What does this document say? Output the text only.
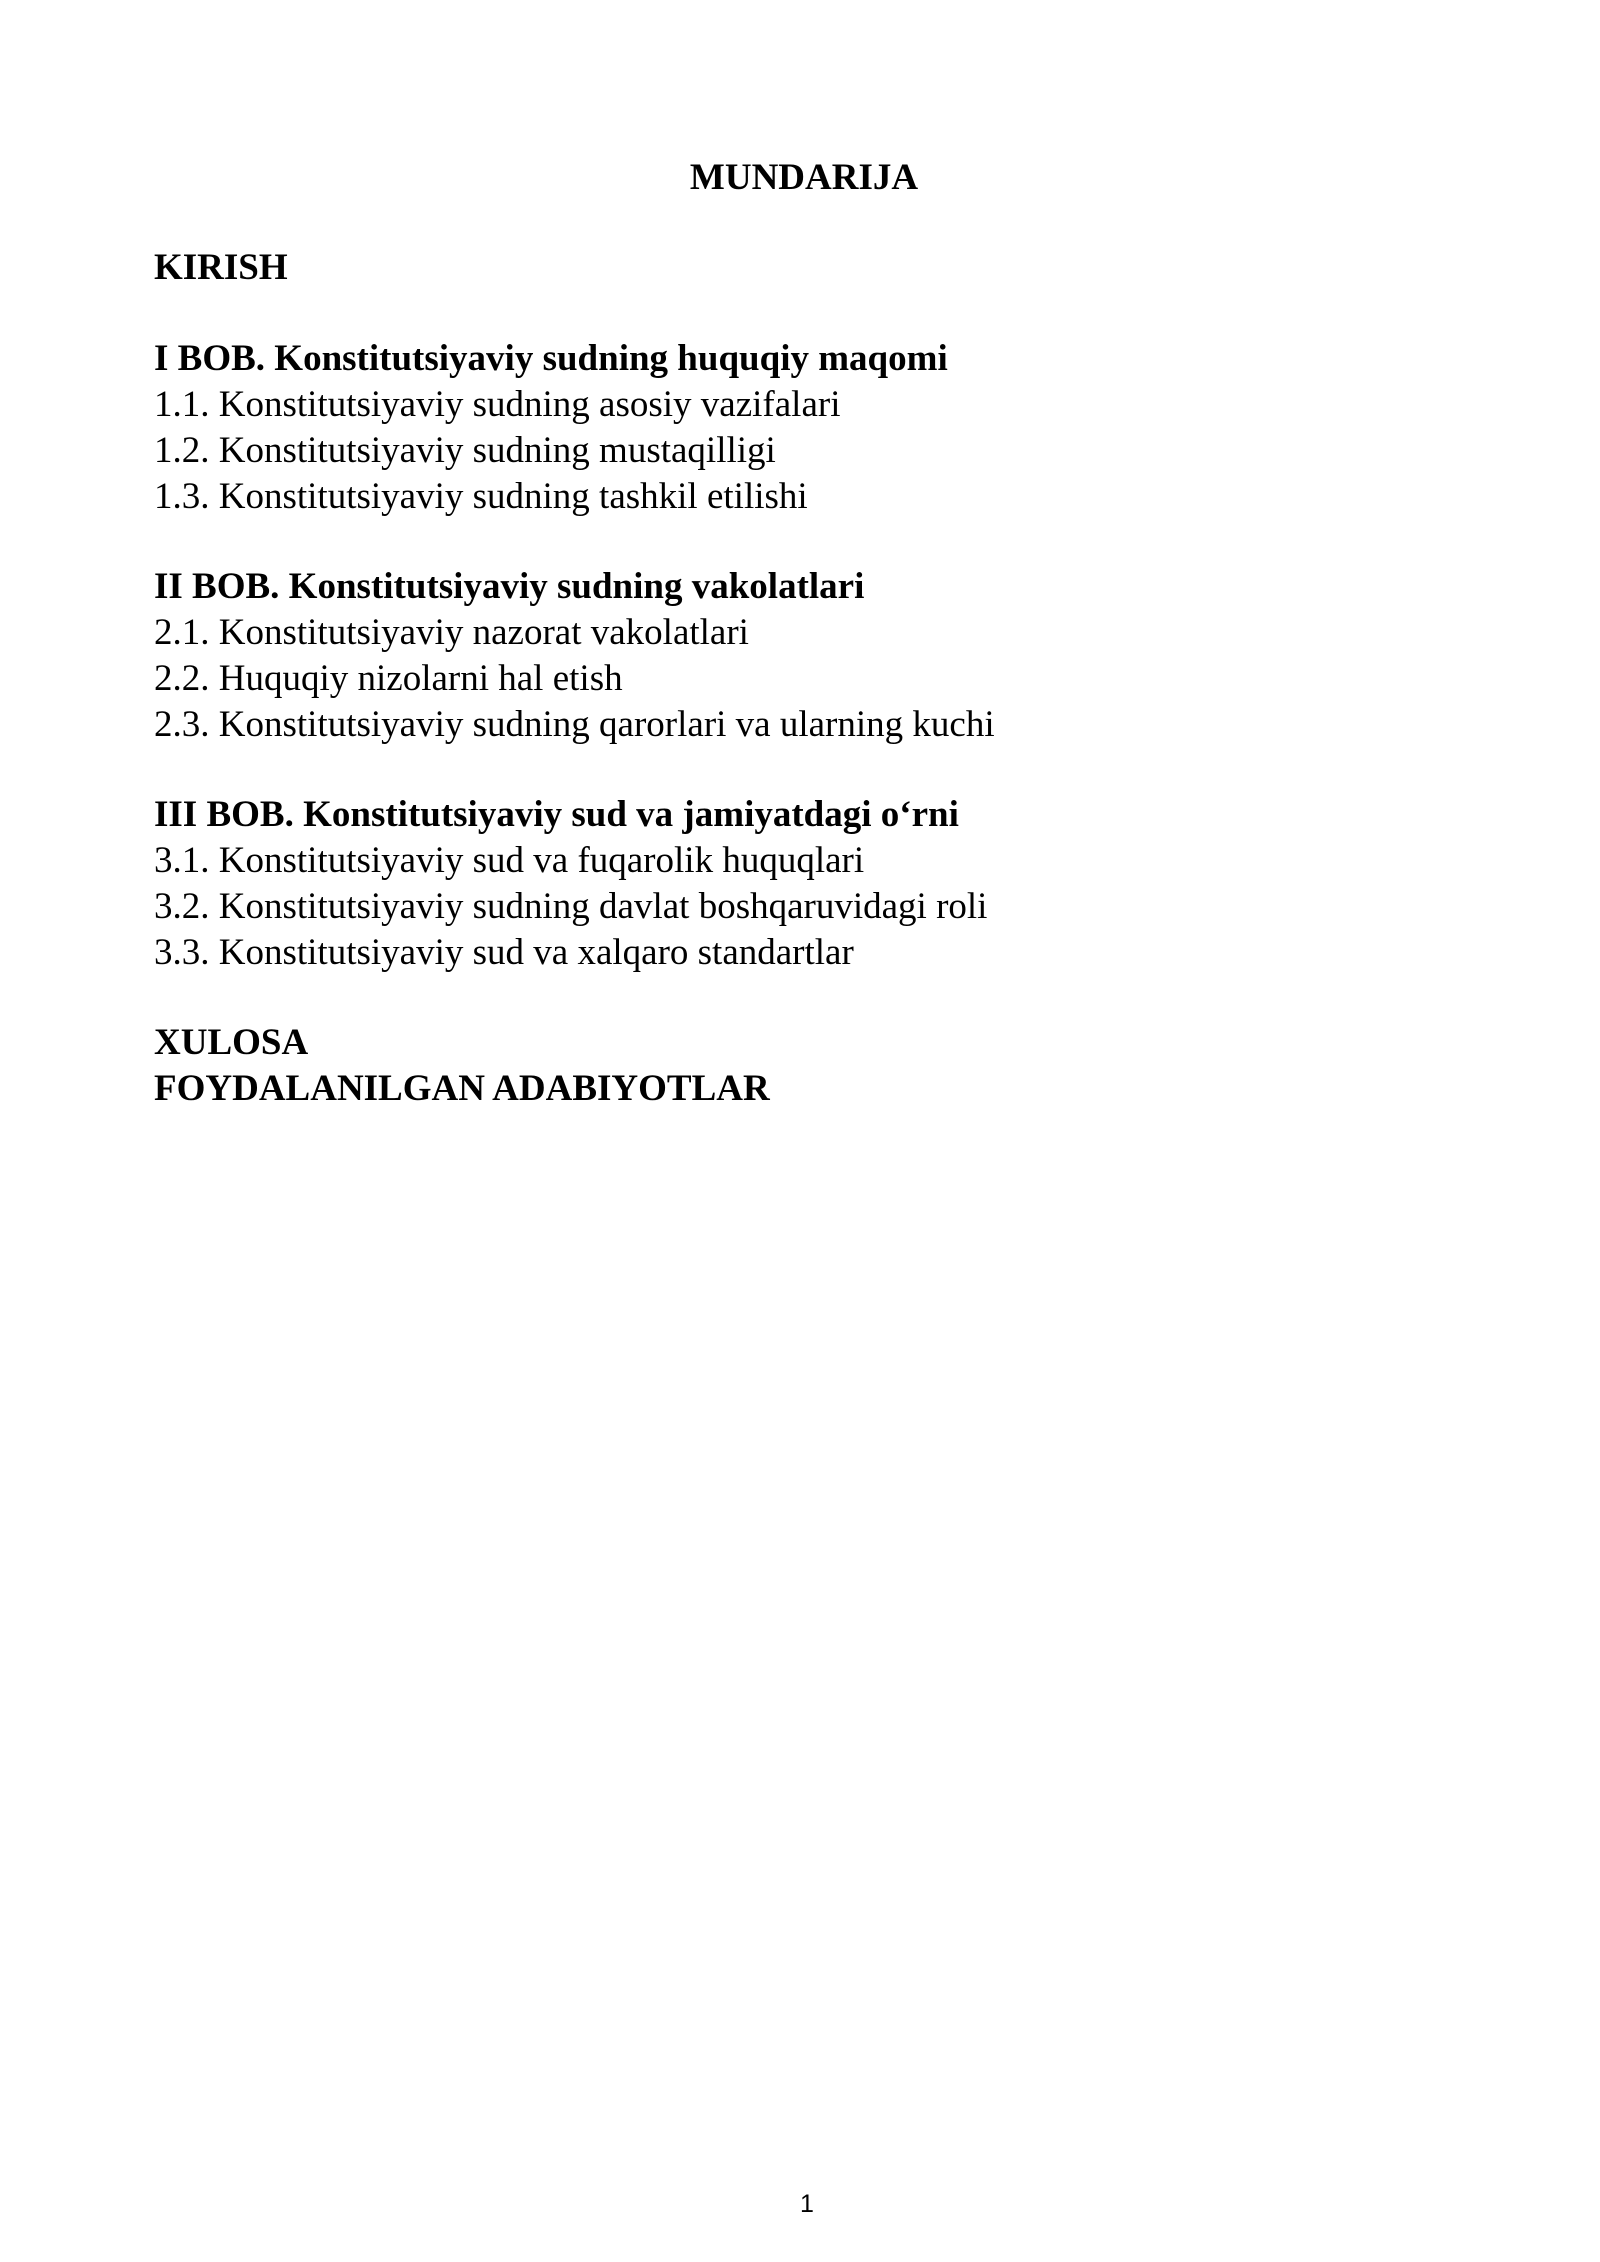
MUNDARIJA
KIRISH
I BOB. Konstitutsiyaviy sudning huquqiy maqomi
1.1. Konstitutsiyaviy sudning asosiy vazifalari
1.2. Konstitutsiyaviy sudning mustaqilligi
1.3. Konstitutsiyaviy sudning tashkil etilishi
II BOB. Konstitutsiyaviy sudning vakolatlari
2.1. Konstitutsiyaviy nazorat vakolatlari
2.2. Huquqiy nizolarni hal etish
2.3. Konstitutsiyaviy sudning qarorlari va ularning kuchi
III BOB. Konstitutsiyaviy sud va jamiyatdagi oʻrni
3.1. Konstitutsiyaviy sud va fuqarolik huquqlari
3.2. Konstitutsiyaviy sudning davlat boshqaruvidagi roli
3.3. Konstitutsiyaviy sud va xalqaro standartlar
XULOSA
FOYDALANILGAN ADABIYOTLAR
1
